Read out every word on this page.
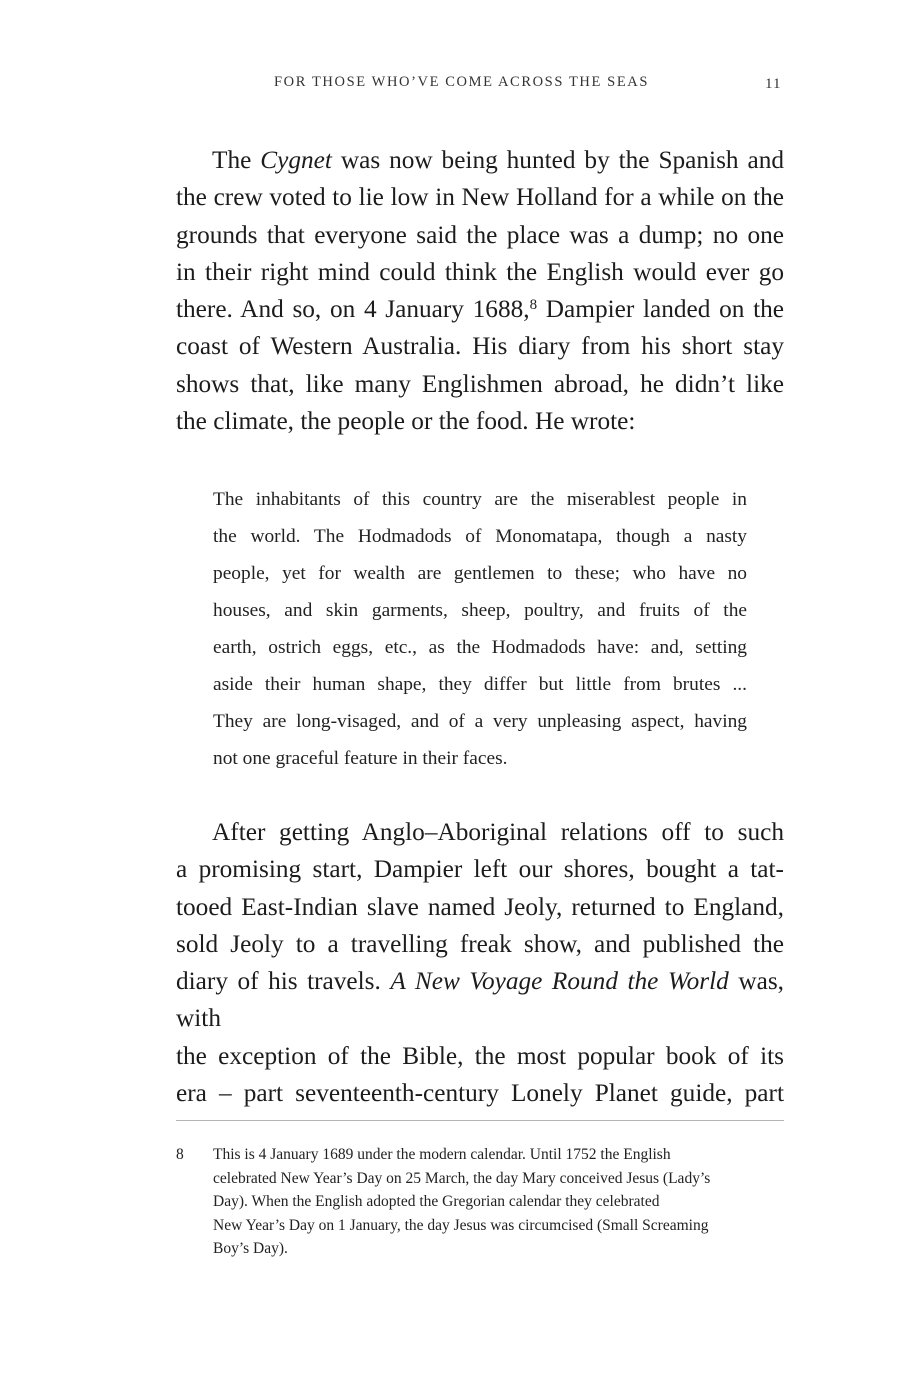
FOR THOSE WHO’VE COME ACROSS THE SEAS	11

The Cygnet was now being hunted by the Spanish and
the crew voted to lie low in New Holland for a while on the
grounds that everyone said the place was a dump; no one
in their right mind could think the English would ever go
there. And so, on 4 January 1688,$^8$ Dampier landed on the
coast of Western Australia. His diary from his short stay
shows that, like many Englishmen abroad, he didn’t like
the climate, the people or the food. He wrote:

The inhabitants of this country are the miserablest people in
the world. The Hodmadods of Monomatapa, though a nasty
people, yet for wealth are gentlemen to these; who have no
houses, and skin garments, sheep, poultry, and fruits of the
earth, ostrich eggs, etc., as the Hodmadods have: and, setting
aside their human shape, they differ but little from brutes ...
They are long-visaged, and of a very unpleasing aspect, having
not one graceful feature in their faces.

After getting Anglo–Aboriginal relations off to such
a promising start, Dampier left our shores, bought a tat-
tooed East-Indian slave named Jeoly, returned to England,
sold Jeoly to a travelling freak show, and published the
diary of his travels. A New Voyage Round the World was, with
the exception of the Bible, the most popular book of its
era – part seventeenth-century Lonely Planet guide, part

8 This is 4 January 1689 under the modern calendar. Until 1752 the English
celebrated New Year’s Day on 25 March, the day Mary conceived Jesus (Lady’s
Day). When the English adopted the Gregorian calendar they celebrated
New Year’s Day on 1 January, the day Jesus was circumcised (Small Screaming
Boy’s Day).
